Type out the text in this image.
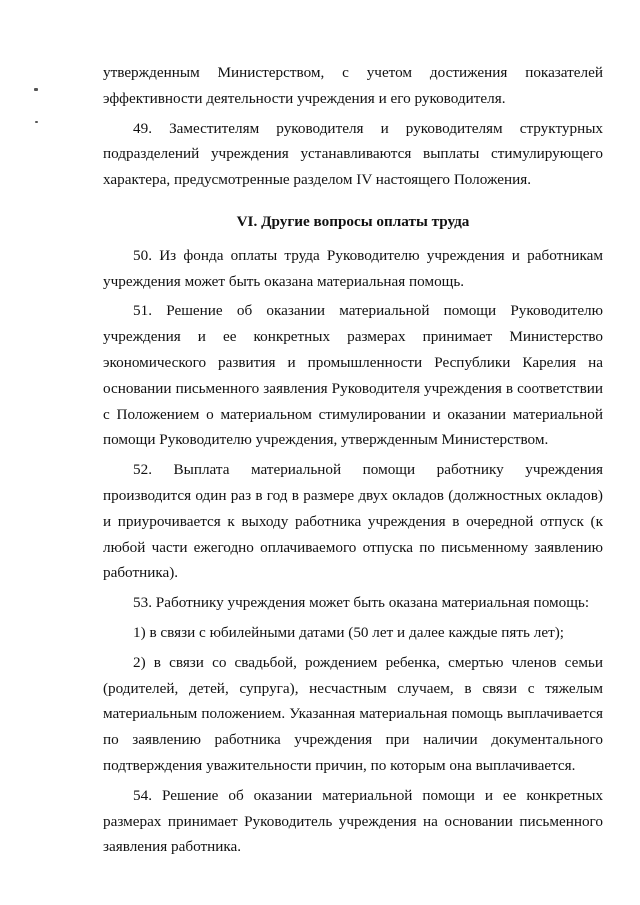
утвержденным Министерством, с учетом достижения показателей эффективности деятельности учреждения и его руководителя.

49. Заместителям руководителя и руководителям структурных подразделений учреждения устанавливаются выплаты стимулирующего характера, предусмотренные разделом IV настоящего Положения.

VI. Другие вопросы оплаты труда

50. Из фонда оплаты труда Руководителю учреждения и работникам учреждения может быть оказана материальная помощь.

51. Решение об оказании материальной помощи Руководителю учреждения и ее конкретных размерах принимает Министерство экономического развития и промышленности Республики Карелия на основании письменного заявления Руководителя учреждения в соответствии с Положением о материальном стимулировании и оказании материальной помощи Руководителю учреждения, утвержденным Министерством.

52. Выплата материальной помощи работнику учреждения производится один раз в год в размере двух окладов (должностных окладов) и приурочивается к выходу работника учреждения в очередной отпуск (к любой части ежегодно оплачиваемого отпуска по письменному заявлению работника).

53. Работнику учреждения может быть оказана материальная помощь:

1) в связи с юбилейными датами (50 лет и далее каждые пять лет);

2) в связи со свадьбой, рождением ребенка, смертью членов семьи (родителей, детей, супруга), несчастным случаем, в связи с тяжелым материальным положением. Указанная материальная помощь выплачивается по заявлению работника учреждения при наличии документального подтверждения уважительности причин, по которым она выплачивается.

54. Решение об оказании материальной помощи и ее конкретных размерах принимает Руководитель учреждения на основании письменного заявления работника.
